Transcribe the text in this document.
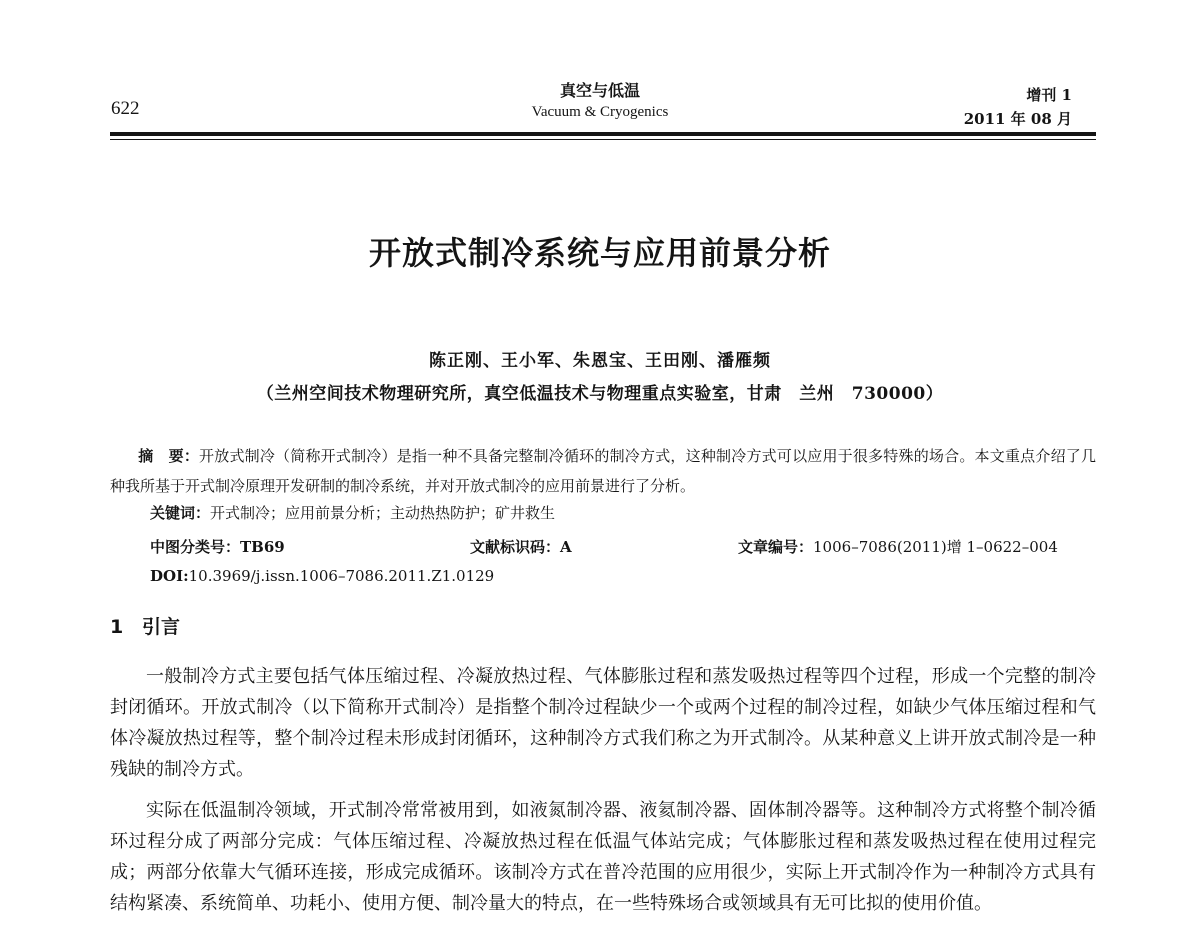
622
真空与低温
Vacuum & Cryogenics
增刊 1
2011 年 08 月
开放式制冷系统与应用前景分析
陈正刚、王小军、朱恩宝、王田刚、潘雁频
（兰州空间技术物理研究所，真空低温技术与物理重点实验室，甘肃　兰州　730000）
摘　要：开放式制冷（简称开式制冷）是指一种不具备完整制冷循环的制冷方式，这种制冷方式可以应用于很多特殊的场合。本文重点介绍了几种我所基于开式制冷原理开发研制的制冷系统，并对开放式制冷的应用前景进行了分析。
关键词：开式制冷；应用前景分析；主动热热防护；矿井救生
中图分类号：TB69	文献标识码：A	文章编号：1006–7086(2011)增 1–0622–004
DOI:10.3969/j.issn.1006–7086.2011.Z1.0129
1 引言

一般制冷方式主要包括气体压缩过程、冷凝放热过程、气体膨胀过程和蒸发吸热过程等四个过程，形成一个完整的制冷封闭循环。开放式制冷（以下简称开式制冷）是指整个制冷过程缺少一个或两个过程的制冷过程，如缺少气体压缩过程和气体冷凝放热过程等，整个制冷过程未形成封闭循环，这种制冷方式我们称之为开式制冷。从某种意义上讲开放式制冷是一种残缺的制冷方式。

实际在低温制冷领域，开式制冷常常被用到，如液氮制冷器、液氦制冷器、固体制冷器等。这种制冷方式将整个制冷循环过程分成了两部分完成：气体压缩过程、冷凝放热过程在低温气体站完成；气体膨胀过程和蒸发吸热过程在使用过程完成；两部分依靠大气循环连接，形成完成循环。该制冷方式在普冷范围的应用很少，实际上开式制冷作为一种制冷方式具有结构紧凑、系统简单、功耗小、使用方便、制冷量大的特点，在一些特殊场合或领域具有无可比拟的使用价值。
